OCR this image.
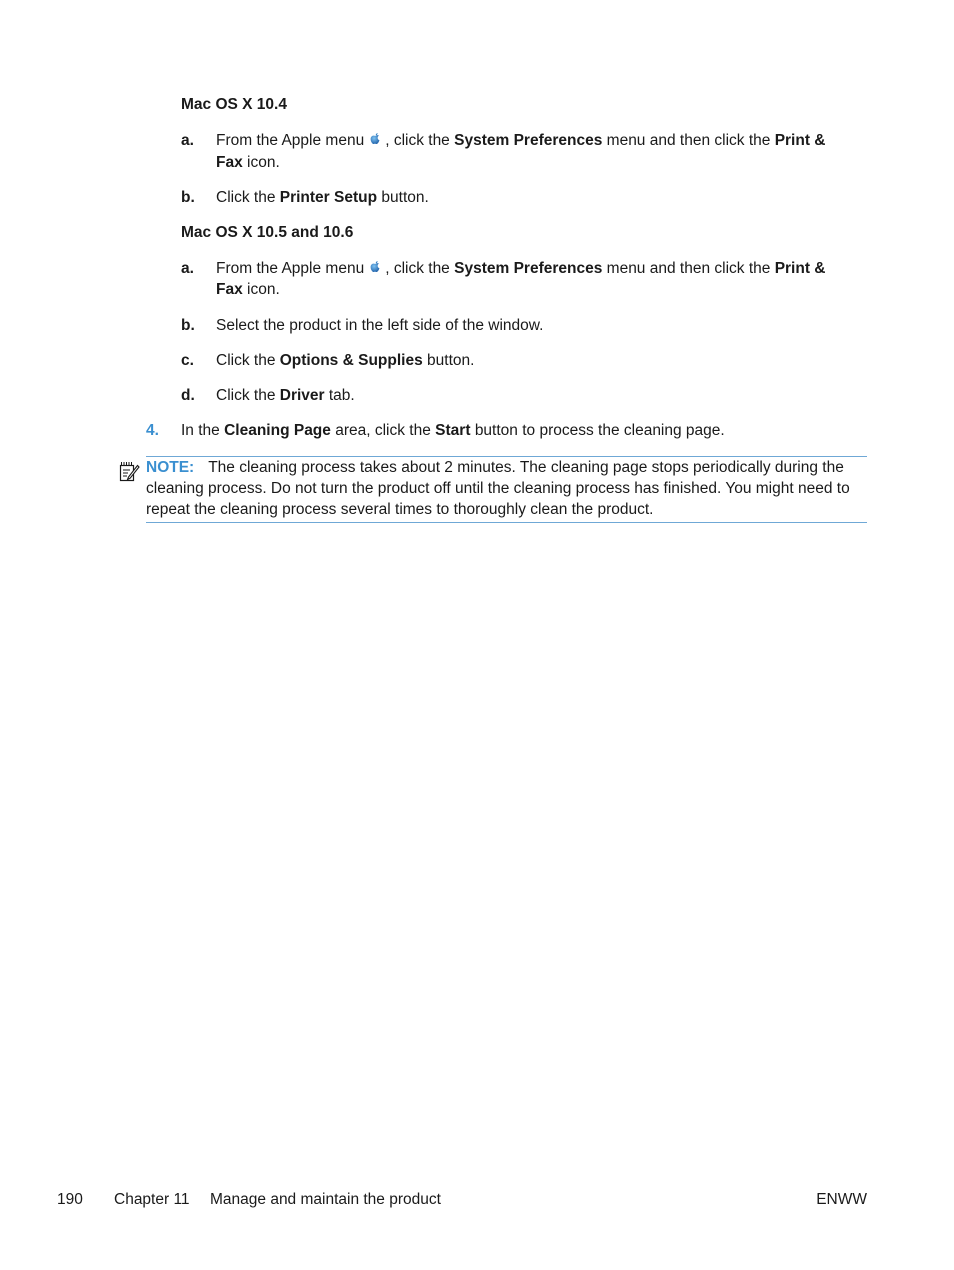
Mac OS X 10.4
a. From the Apple menu , click the System Preferences menu and then click the Print &
Fax icon.
b. Click the Printer Setup button.
Mac OS X 10.5 and 10.6
a. From the Apple menu , click the System Preferences menu and then click the Print &
Fax icon.
b. Select the product in the left side of the window.
c. Click the Options & Supplies button.
d. Click the Driver tab.
4. In the Cleaning Page area, click the Start button to process the cleaning page.
NOTE: The cleaning process takes about 2 minutes. The cleaning page stops periodically during the
cleaning process. Do not turn the product off until the cleaning process has finished. You might need to
repeat the cleaning process several times to thoroughly clean the product.
190 Chapter 11 Manage and maintain the product	ENWW
